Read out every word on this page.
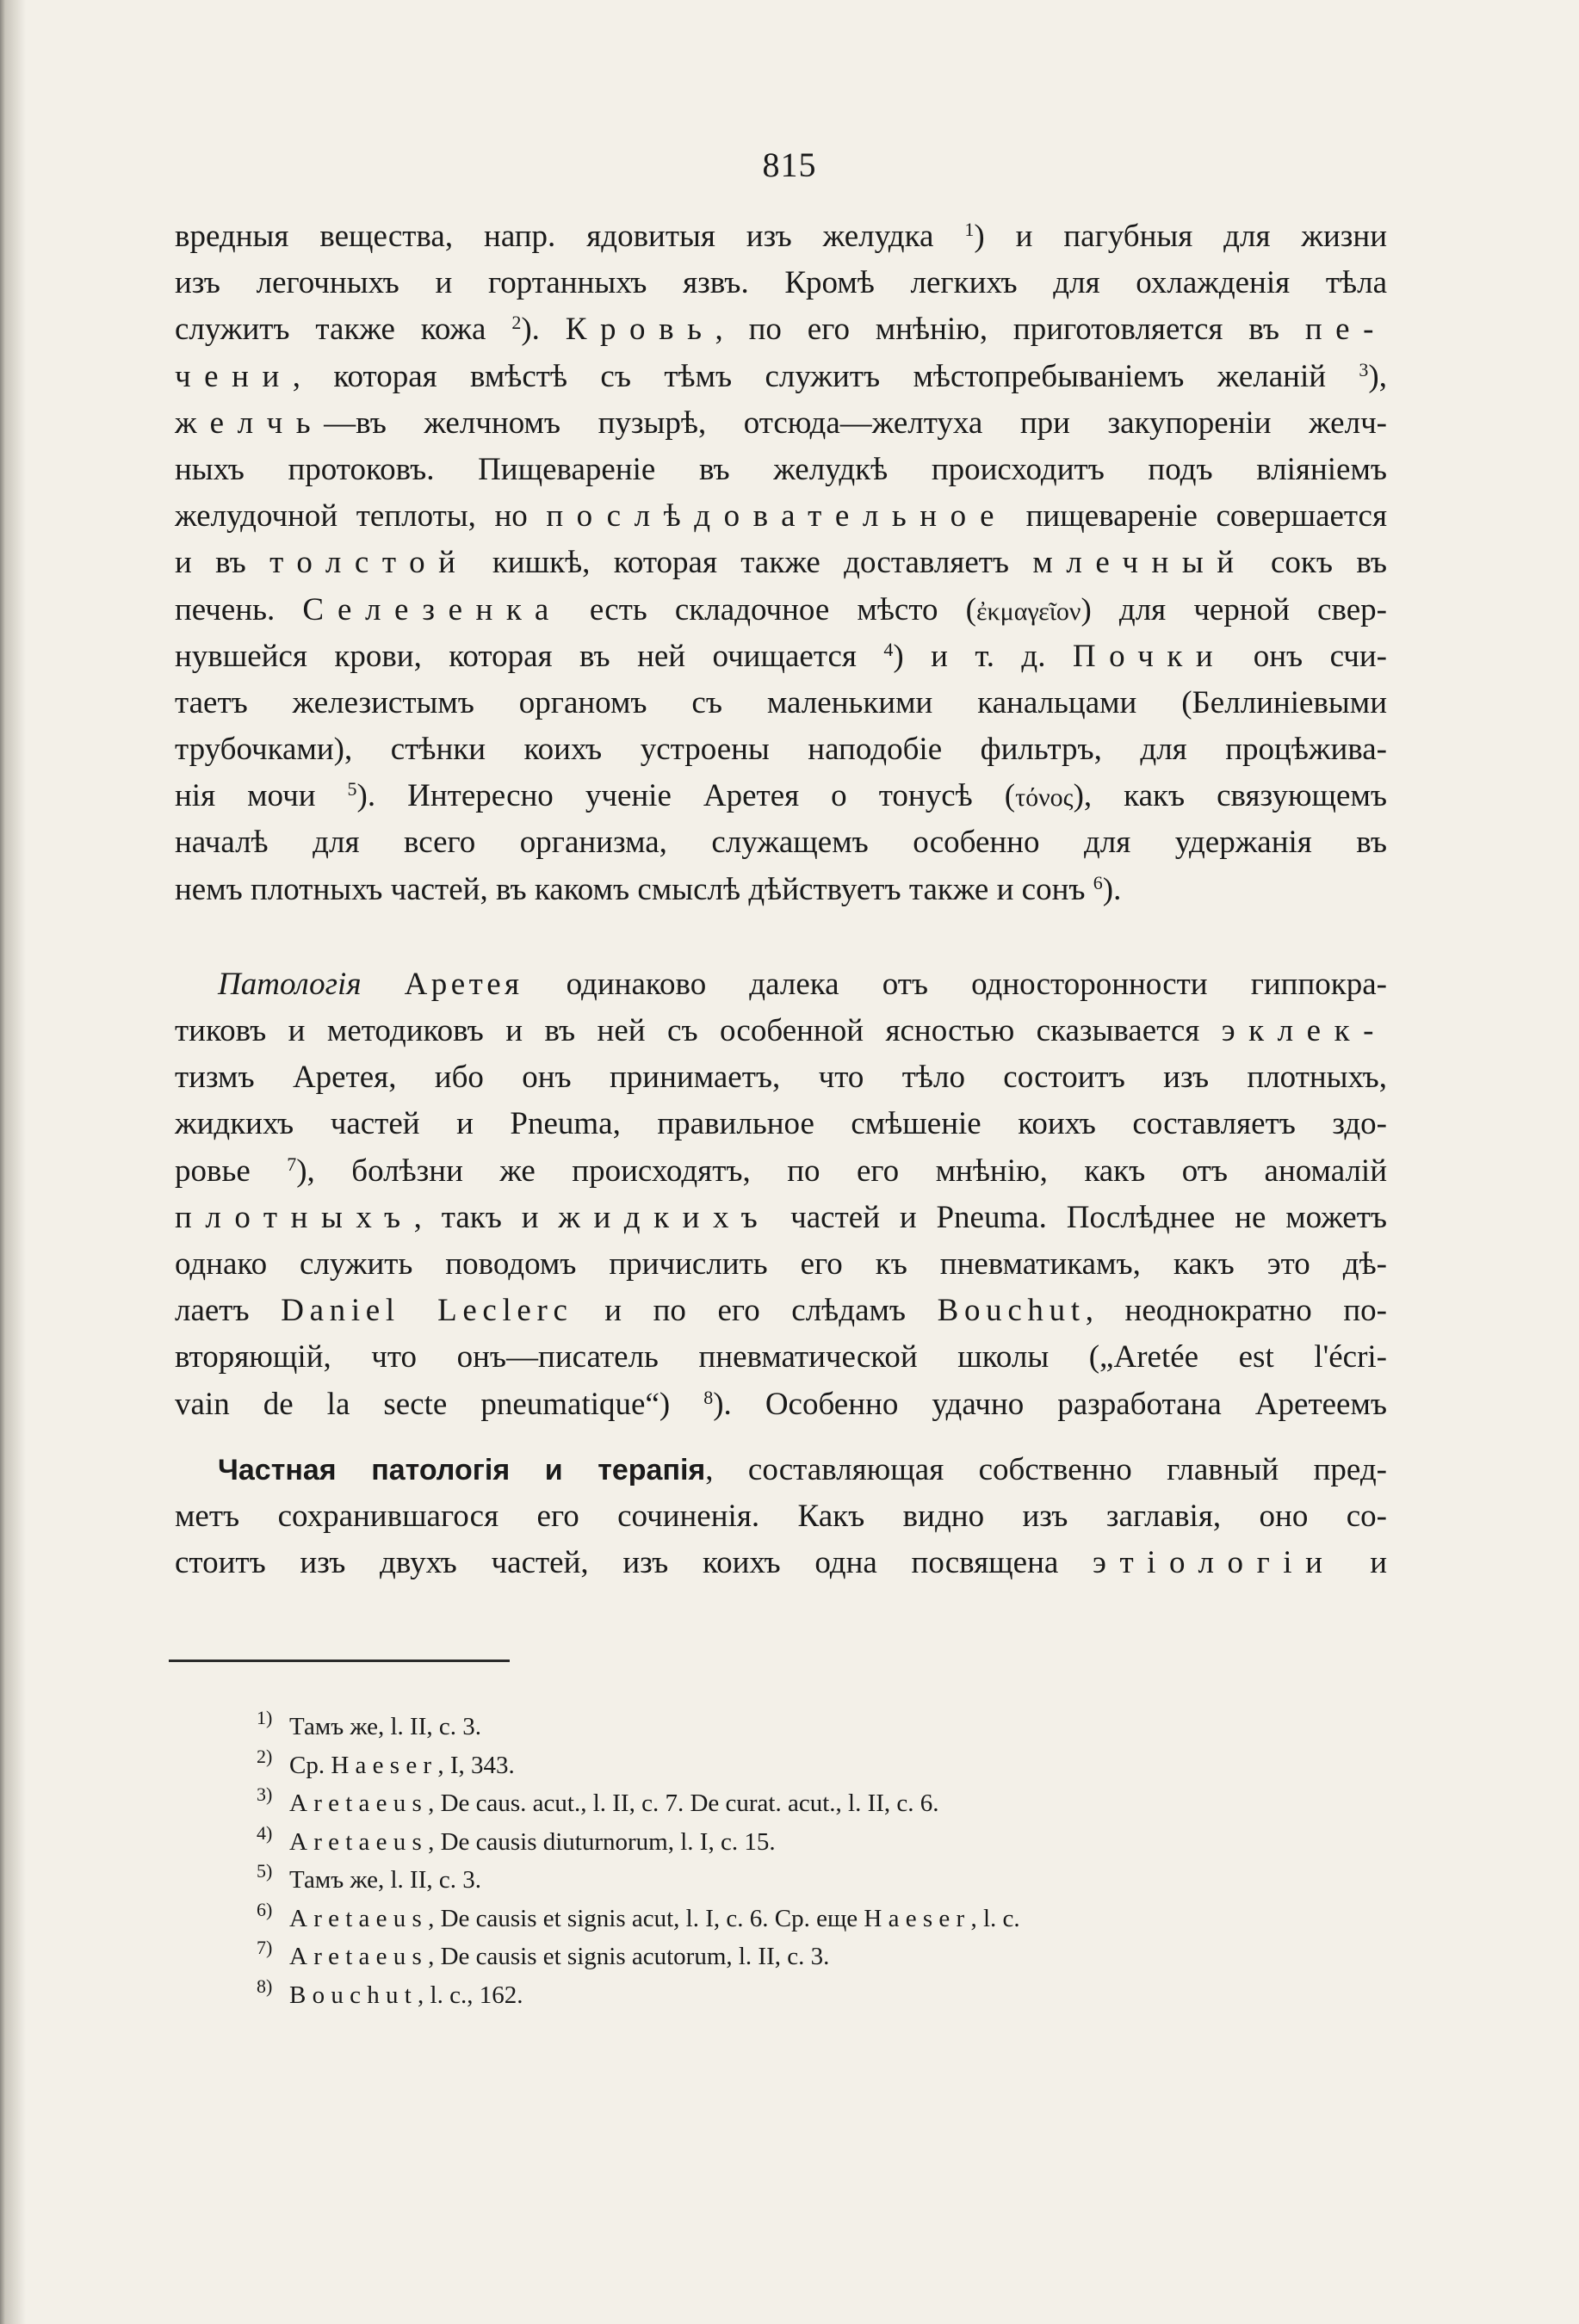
815
вредныя вещества, напр. ядовитыя изъ желудка $^1$) и пагубныя для жизни
изъ легочныхъ и гортанныхъ язвъ. Кромѣ легкихъ для охлажденія тѣла
служитъ также кожа $^2$). Кровь, по его мнѣнію, приготовляется въ пе-
чени, которая вмѣстѣ съ тѣмъ служитъ мѣстопребываніемъ желаній $^3$),
желчь—въ желчномъ пузырѣ, отсюда—желтуха при закупореніи желч-
ныхъ протоковъ. Пищевареніе въ желудкѣ происходитъ подъ вліяніемъ
желудочной теплоты, но послѣдовательное пищевареніе совершается
и въ толстой кишкѣ, которая также доставляетъ млечный сокъ въ
печень. Селезенка есть складочное мѣсто (ἐκμαγεῖον) для черной свер-
нувшейся крови, которая въ ней очищается $^4$) и т. д. Почки онъ счи-
таетъ железистымъ органомъ съ маленькими канальцами (Беллиніевыми
трубочками), стѣнки коихъ устроены наподобіе фильтръ, для процѣжива-
нія мочи $^5$). Интересно ученіе Аретея о тонусѣ (τόνος), какъ связующемъ
началѣ для всего организма, служащемъ особенно для удержанія въ
немъ плотныхъ частей, въ какомъ смыслѣ дѣйствуетъ также и сонъ $^6$).
Патологія Аретея одинаково далека отъ односторонности гиппокра-
тиковъ и методиковъ и въ ней съ особенной ясностью сказывается эклек-
тизмъ Аретея, ибо онъ принимаетъ, что тѣло состоитъ изъ плотныхъ,
жидкихъ частей и Pneuma, правильное смѣшеніе коихъ составляетъ здо-
ровье $^7$), болѣзни же происходятъ, по его мнѣнію, какъ отъ аномалій
плотныхъ, такъ и жидкихъ частей и Pneuma. Послѣднее не можетъ
однако служить поводомъ причислить его къ пневматикамъ, какъ это дѣ-
лаетъ Daniel Leclerc и по его слѣдамъ Bouchut, неоднократно по-
вторяющій, что онъ—писатель пневматической школы („Aretée est l'écri-
vain de la secte pneumatique“) $^8$). Особенно удачно разработана Аретеемъ
Частная патологія и терапія, составляющая собственно главный пред-
метъ сохранившагося его сочиненія. Какъ видно изъ заглавія, оно со-
стоитъ изъ двухъ частей, изъ коихъ одна посвящена этіологіи и
$^{1)}$ Тамъ же, l. II, c. 3.
$^{2)}$ Ср. Haeser, I, 343.
$^{3)}$ Aretaeus, De caus. acut., l. II, c. 7. De curat. acut., l. II, c. 6.
$^{4)}$ Aretaeus, De causis diuturnorum, l. I, c. 15.
$^{5)}$ Тамъ же, l. II, c. 3.
$^{6)}$ Aretaeus, De causis et signis acut, l. I, c. 6. Ср. еще Haeser, l. c.
$^{7)}$ Aretaeus, De causis et signis acutorum, l. II, c. 3.
$^{8)}$ Bouchut, l. c., 162.
